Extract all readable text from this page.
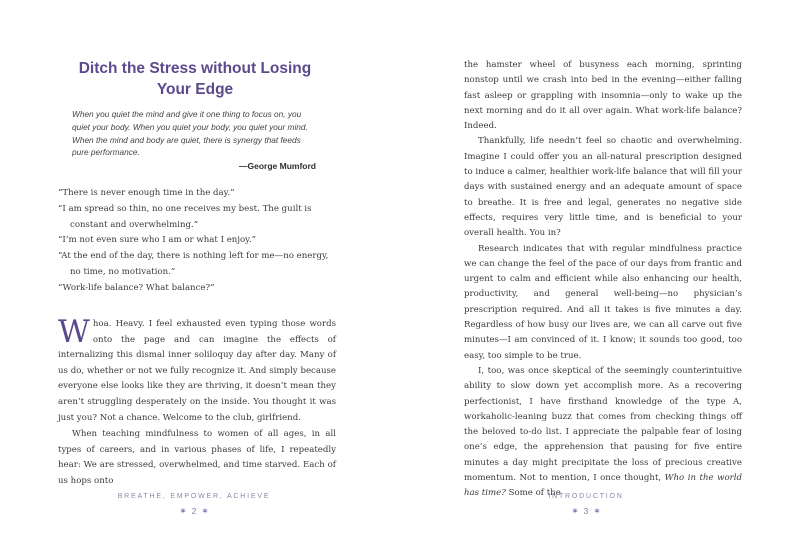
Ditch the Stress without Losing Your Edge
When you quiet the mind and give it one thing to focus on, you quiet your body. When you quiet your body, you quiet your mind. When the mind and body are quiet, there is synergy that feeds pure performance.
—George Mumford

“There is never enough time in the day.”

“I am spread so thin, no one receives my best. The guilt is constant and overwhelming.”

“I’m not even sure who I am or what I enjoy.”

“At the end of the day, there is nothing left for me—no energy, no time, no motivation.”

“Work-life balance? What balance?”

Whoa. Heavy. I feel exhausted even typing those words onto the page and can imagine the effects of internalizing this dismal inner soliloquy day after day. Many of us do, whether or not we fully recognize it. And simply because everyone else looks like they are thriving, it doesn’t mean they aren’t struggling desperately on the inside. You thought it was just you? Not a chance. Welcome to the club, girlfriend.
When teaching mindfulness to women of all ages, in all types of careers, and in various phases of life, I repeatedly hear: We are stressed, overwhelmed, and time starved. Each of us hops onto
BREATHE, EMPOWER, ACHIEVE
✶ 2 ✶

the hamster wheel of busyness each morning, sprinting nonstop until we crash into bed in the evening—either falling fast asleep or grappling with insomnia—only to wake up the next morning and do it all over again. What work-life balance? Indeed.

Thankfully, life needn’t feel so chaotic and overwhelming. Imagine I could offer you an all-natural prescription designed to induce a calmer, healthier work-life balance that will fill your days with sustained energy and an adequate amount of space to breathe. It is free and legal, generates no negative side effects, requires very little time, and is beneficial to your overall health. You in?

Research indicates that with regular mindfulness practice we can change the feel of the pace of our days from frantic and urgent to calm and efficient while also enhancing our health, productivity, and general well-being—no physician’s prescription required. And all it takes is five minutes a day. Regardless of how busy our lives are, we can all carve out five minutes—I am convinced of it. I know; it sounds too good, too easy, too simple to be true.

I, too, was once skeptical of the seemingly counterintuitive ability to slow down yet accomplish more. As a recovering perfectionist, I have firsthand knowledge of the type A, workaholic-leaning buzz that comes from checking things off the beloved to-do list. I appreciate the palpable fear of losing one’s edge, the apprehension that pausing for five entire minutes a day might precipitate the loss of precious creative momentum. Not to mention, I once thought, Who in the world has time? Some of the

INTRODUCTION
✶ 3 ✶
